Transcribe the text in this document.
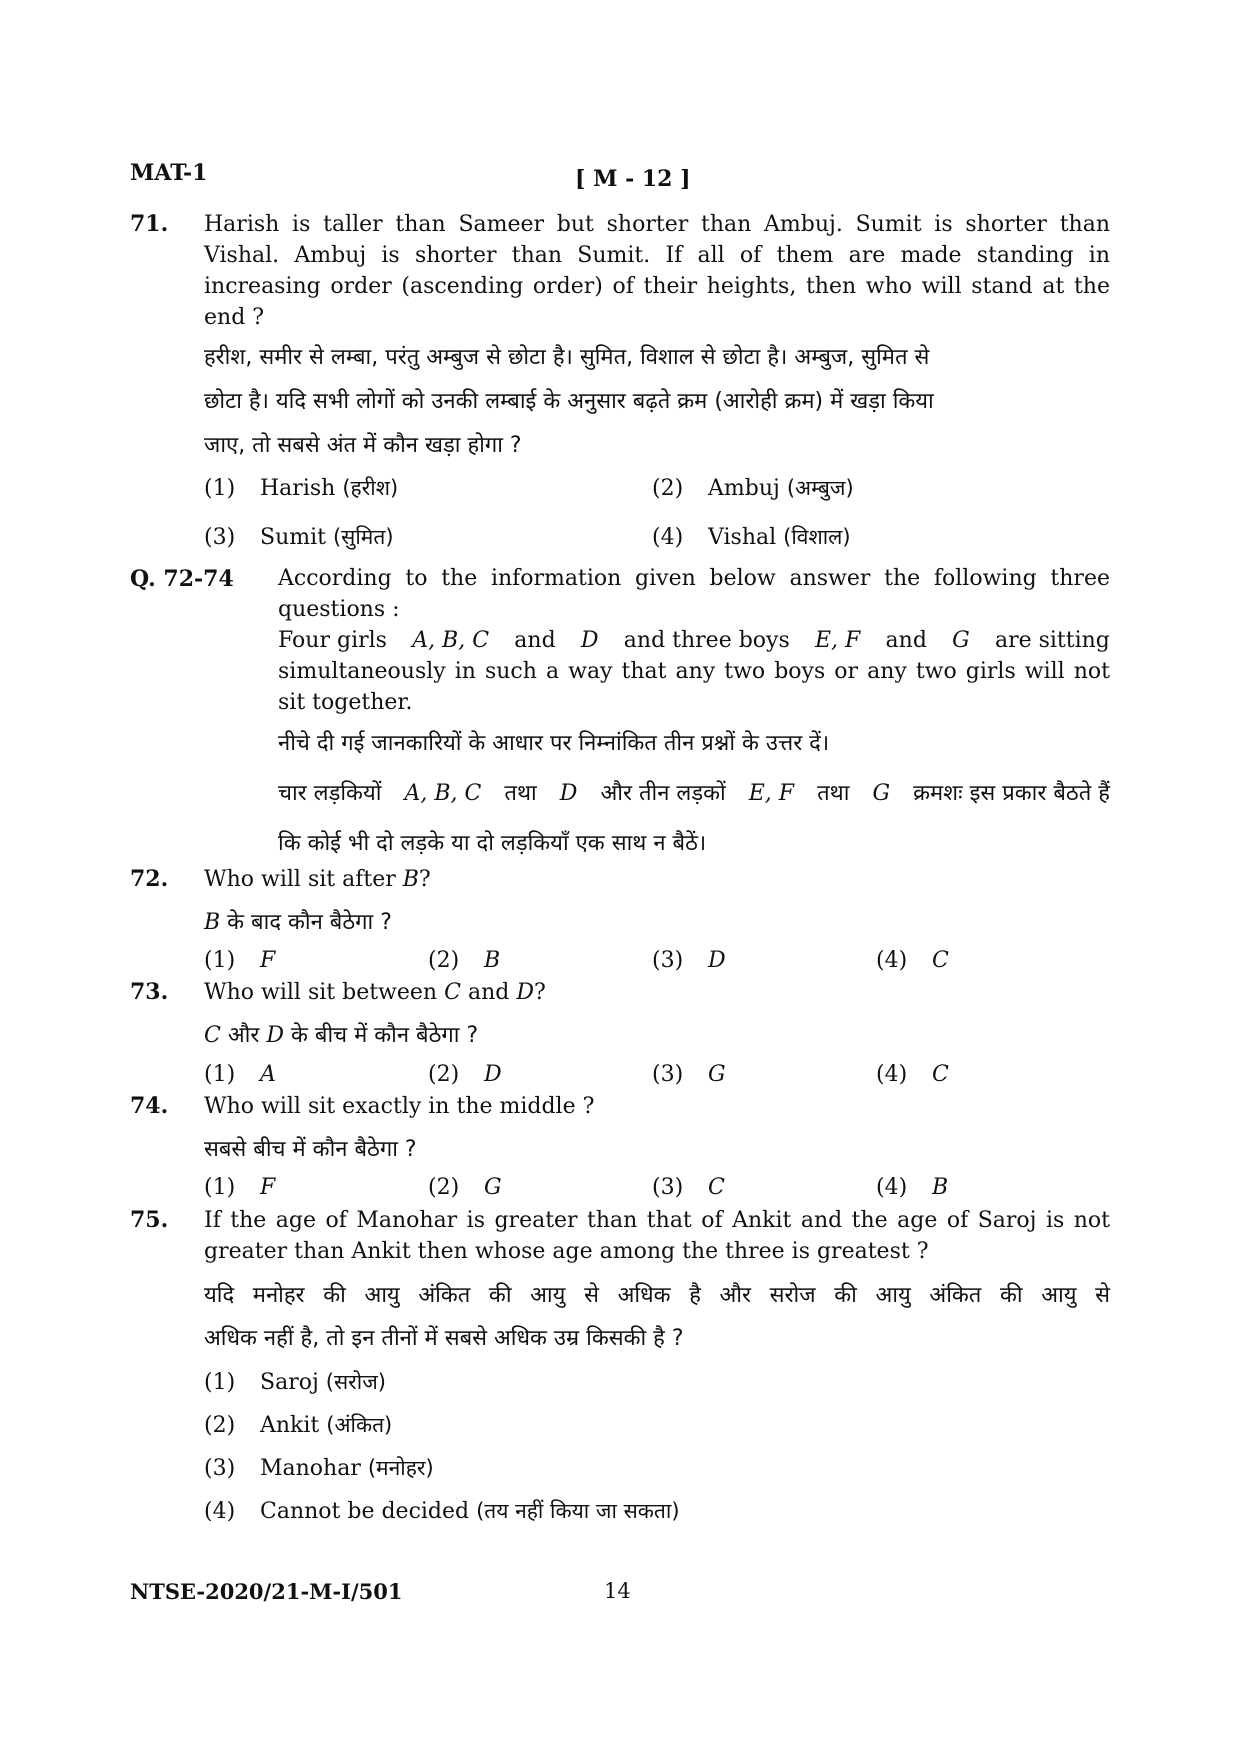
MAT-1	[ M - 12 ]
71. Harish is taller than Sameer but shorter than Ambuj. Sumit is shorter than Vishal. Ambuj is shorter than Sumit. If all of them are made standing in increasing order (ascending order) of their heights, then who will stand at the end ?
हरीश, समीर से लम्बा, परंतु अम्बुज से छोटा है। सुमित, विशाल से छोटा है। अम्बुज, सुमित से
छोटा है। यदि सभी लोगों को उनकी लम्बाई के अनुसार बढ़ते क्रम (आरोही क्रम) में खड़ा किया
जाए, तो सबसे अंत में कौन खड़ा होगा ?
(1) Harish (हरीश)	(2) Ambuj (अम्बुज)
(3) Sumit (सुमित)	(4) Vishal (विशाल)
Q. 72-74 According to the information given below answer the following three
questions :
Four girls A, B, C and D and three boys E, F and G are sitting
simultaneously in such a way that any two boys or any two girls will not
sit together.
नीचे दी गई जानकारियों के आधार पर निम्नांकित तीन प्रश्नों के उत्तर दें।
चार लड़कियों A, B, C तथा D और तीन लड़कों E, F तथा G क्रमशः इस प्रकार बैठते हैं
कि कोई भी दो लड़के या दो लड़कियाँ एक साथ न बैठें।
72. Who will sit after B?
B के बाद कौन बैठेगा ?
(1) F	(2) B	(3) D	(4) C
73. Who will sit between C and D?
C और D के बीच में कौन बैठेगा ?
(1) A	(2) D	(3) G	(4) C
74. Who will sit exactly in the middle ?
सबसे बीच में कौन बैठेगा ?
(1) F	(2) G	(3) C	(4) B
75. If the age of Manohar is greater than that of Ankit and the age of Saroj is not greater than Ankit then whose age among the three is greatest ?
यदि मनोहर की आयु अंकित की आयु से अधिक है और सरोज की आयु अंकित की आयु से
अधिक नहीं है, तो इन तीनों में सबसे अधिक उम्र किसकी है ?
(1) Saroj (सरोज)
(2) Ankit (अंकित)
(3) Manohar (मनोहर)
(4) Cannot be decided (तय नहीं किया जा सकता)
NTSE-2020/21-M-I/501	14
